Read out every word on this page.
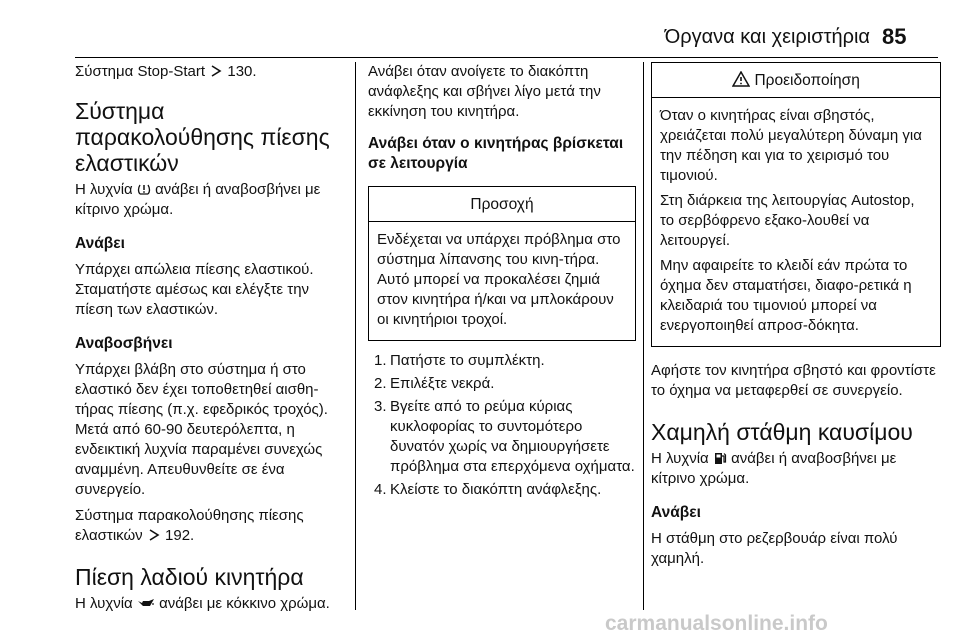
Όργανα και χειριστήρια 85

Σύστημα Stop-Start 130.

Σύστημα παρακολούθησης πίεσης ελαστικών

Η λυχνία ανάβει ή αναβοσβήνει με κίτρινο χρώμα.

Ανάβει

Υπάρχει απώλεια πίεσης ελαστικού. Σταματήστε αμέσως και ελέγξτε την πίεση των ελαστικών.

Αναβοσβήνει

Υπάρχει βλάβη στο σύστημα ή στο ελαστικό δεν έχει τοποθετηθεί αισθη-τήρας πίεσης (π.χ. εφεδρικός τροχός). Μετά από 60-90 δευτερόλεπτα, η ενδεικτική λυχνία παραμένει συνεχώς αναμμένη. Απευθυνθείτε σε ένα συνεργείο.

Σύστημα παρακολούθησης πίεσης ελαστικών 192.

Πίεση λαδιού κινητήρα

Η λυχνία ανάβει με κόκκινο χρώμα.

Ανάβει όταν ανοίγετε το διακόπτη ανάφλεξης και σβήνει λίγο μετά την εκκίνηση του κινητήρα.

Ανάβει όταν ο κινητήρας βρίσκεται σε λειτουργία
Προσοχή
Ενδέχεται να υπάρχει πρόβλημα στο σύστημα λίπανσης του κινη-τήρα. Αυτό μπορεί να προκαλέσει ζημιά στον κινητήρα ή/και να μπλοκάρουν οι κινητήριοι τροχοί.
1. Πατήστε το συμπλέκτη.
2. Επιλέξτε νεκρά.
3. Βγείτε από το ρεύμα κύριας κυκλοφορίας το συντομότερο δυνατόν χωρίς να δημιουργήσετε πρόβλημα στα επερχόμενα οχήματα.
4. Κλείστε το διακόπτη ανάφλεξης.
Προειδοποίηση

Όταν ο κινητήρας είναι σβηστός, χρειάζεται πολύ μεγαλύτερη δύναμη για την πέδηση και για το χειρισμό του τιμονιού.

Στη διάρκεια της λειτουργίας Autostop, το σερβόφρενο εξακο-λουθεί να λειτουργεί.

Μην αφαιρείτε το κλειδί εάν πρώτα το όχημα δεν σταματήσει, διαφο-ρετικά η κλειδαριά του τιμονιού μπορεί να ενεργοποιηθεί απροσ-δόκητα.

Αφήστε τον κινητήρα σβηστό και φροντίστε το όχημα να μεταφερθεί σε συνεργείο.

Χαμηλή στάθμη καυσίμου

Η λυχνία ανάβει ή αναβοσβήνει με κίτρινο χρώμα.

Ανάβει

Η στάθμη στο ρεζερβουάρ είναι πολύ χαμηλή.

carmanualsonline.info
